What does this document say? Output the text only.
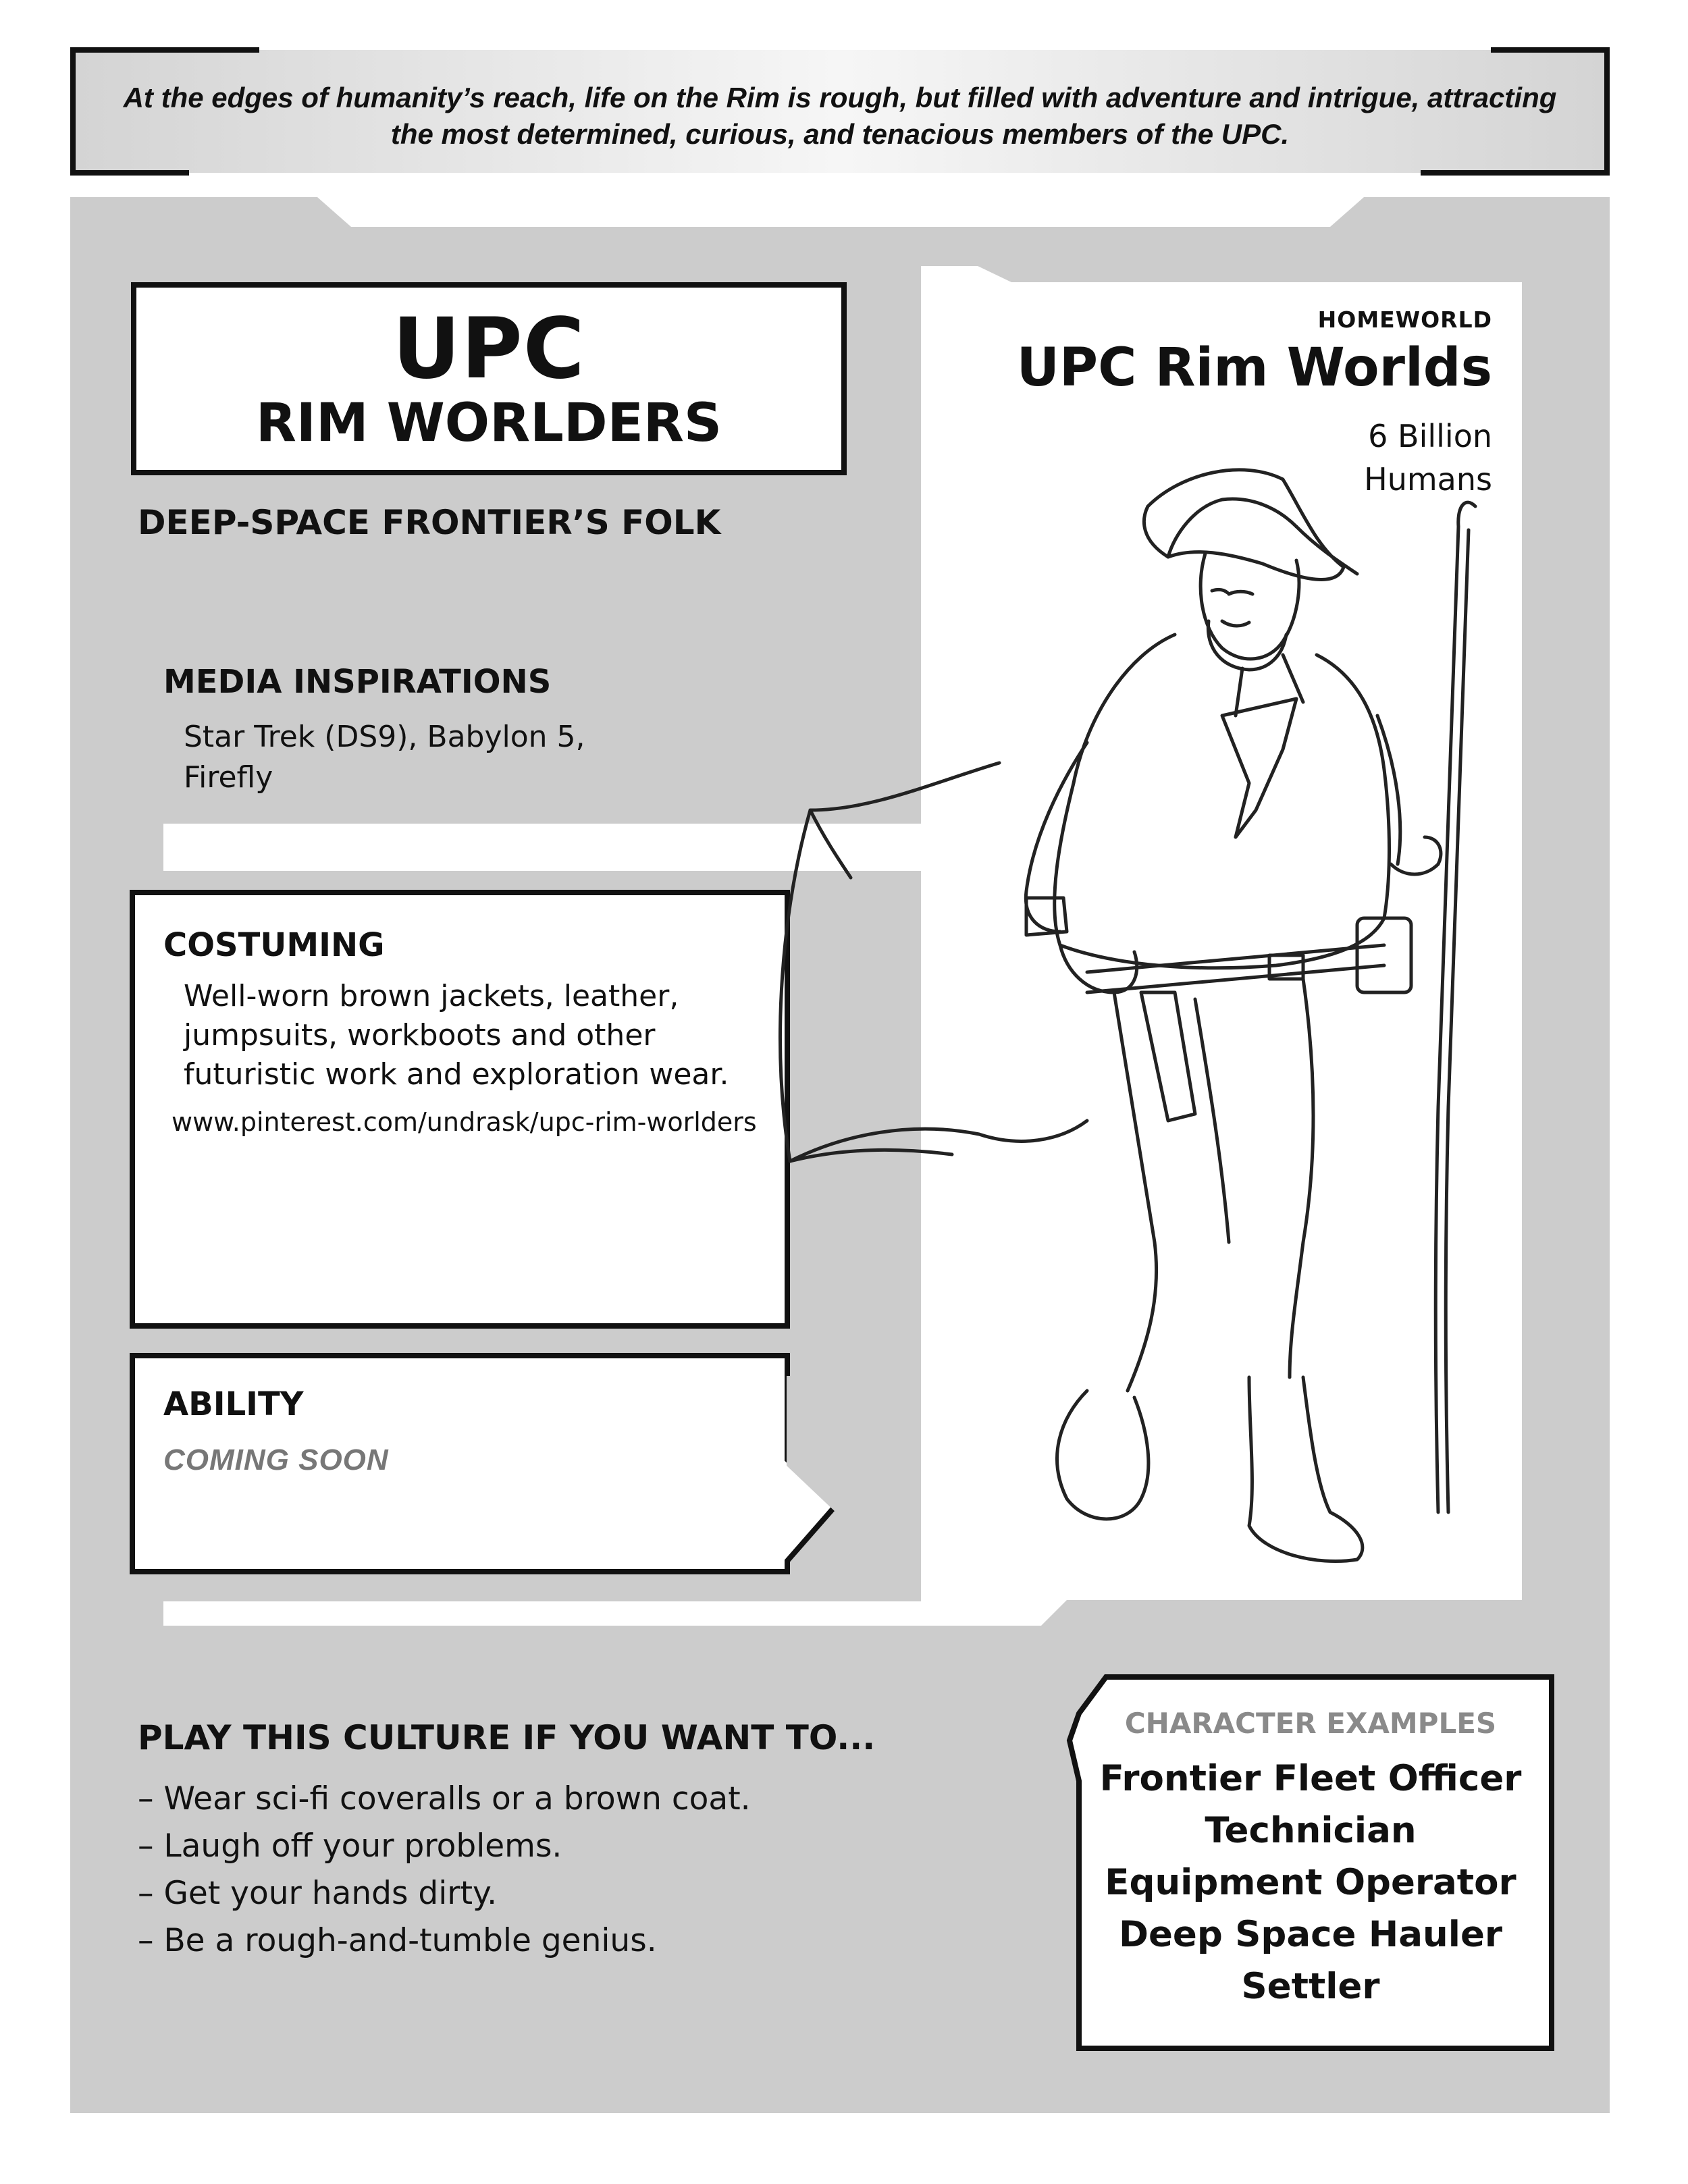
At the edges of humanity’s reach, life on the Rim is rough, but filled with adventure and intrigue, attracting the most determined, curious, and tenacious members of the UPC.
UPC
RIM WORLDERS
DEEP-SPACE FRONTIER’S FOLK
MEDIA INSPIRATIONS
Star Trek (DS9), Babylon 5,
Firefly
COSTUMING
Well-worn brown jackets, leather,
jumpsuits, workboots and other
futuristic work and exploration wear.
www.pinterest.com/undrask/upc-rim-worlders
ABILITY
COMING SOON
HOMEWORLD
UPC Rim Worlds
6 Billion
Humans
PLAY THIS CULTURE IF YOU WANT TO...
– Wear sci-fi coveralls or a brown coat.
– Laugh off your problems.
– Get your hands dirty.
– Be a rough-and-tumble genius.
CHARACTER EXAMPLES
Frontier Fleet Officer
Technician
Equipment Operator
Deep Space Hauler
Settler
